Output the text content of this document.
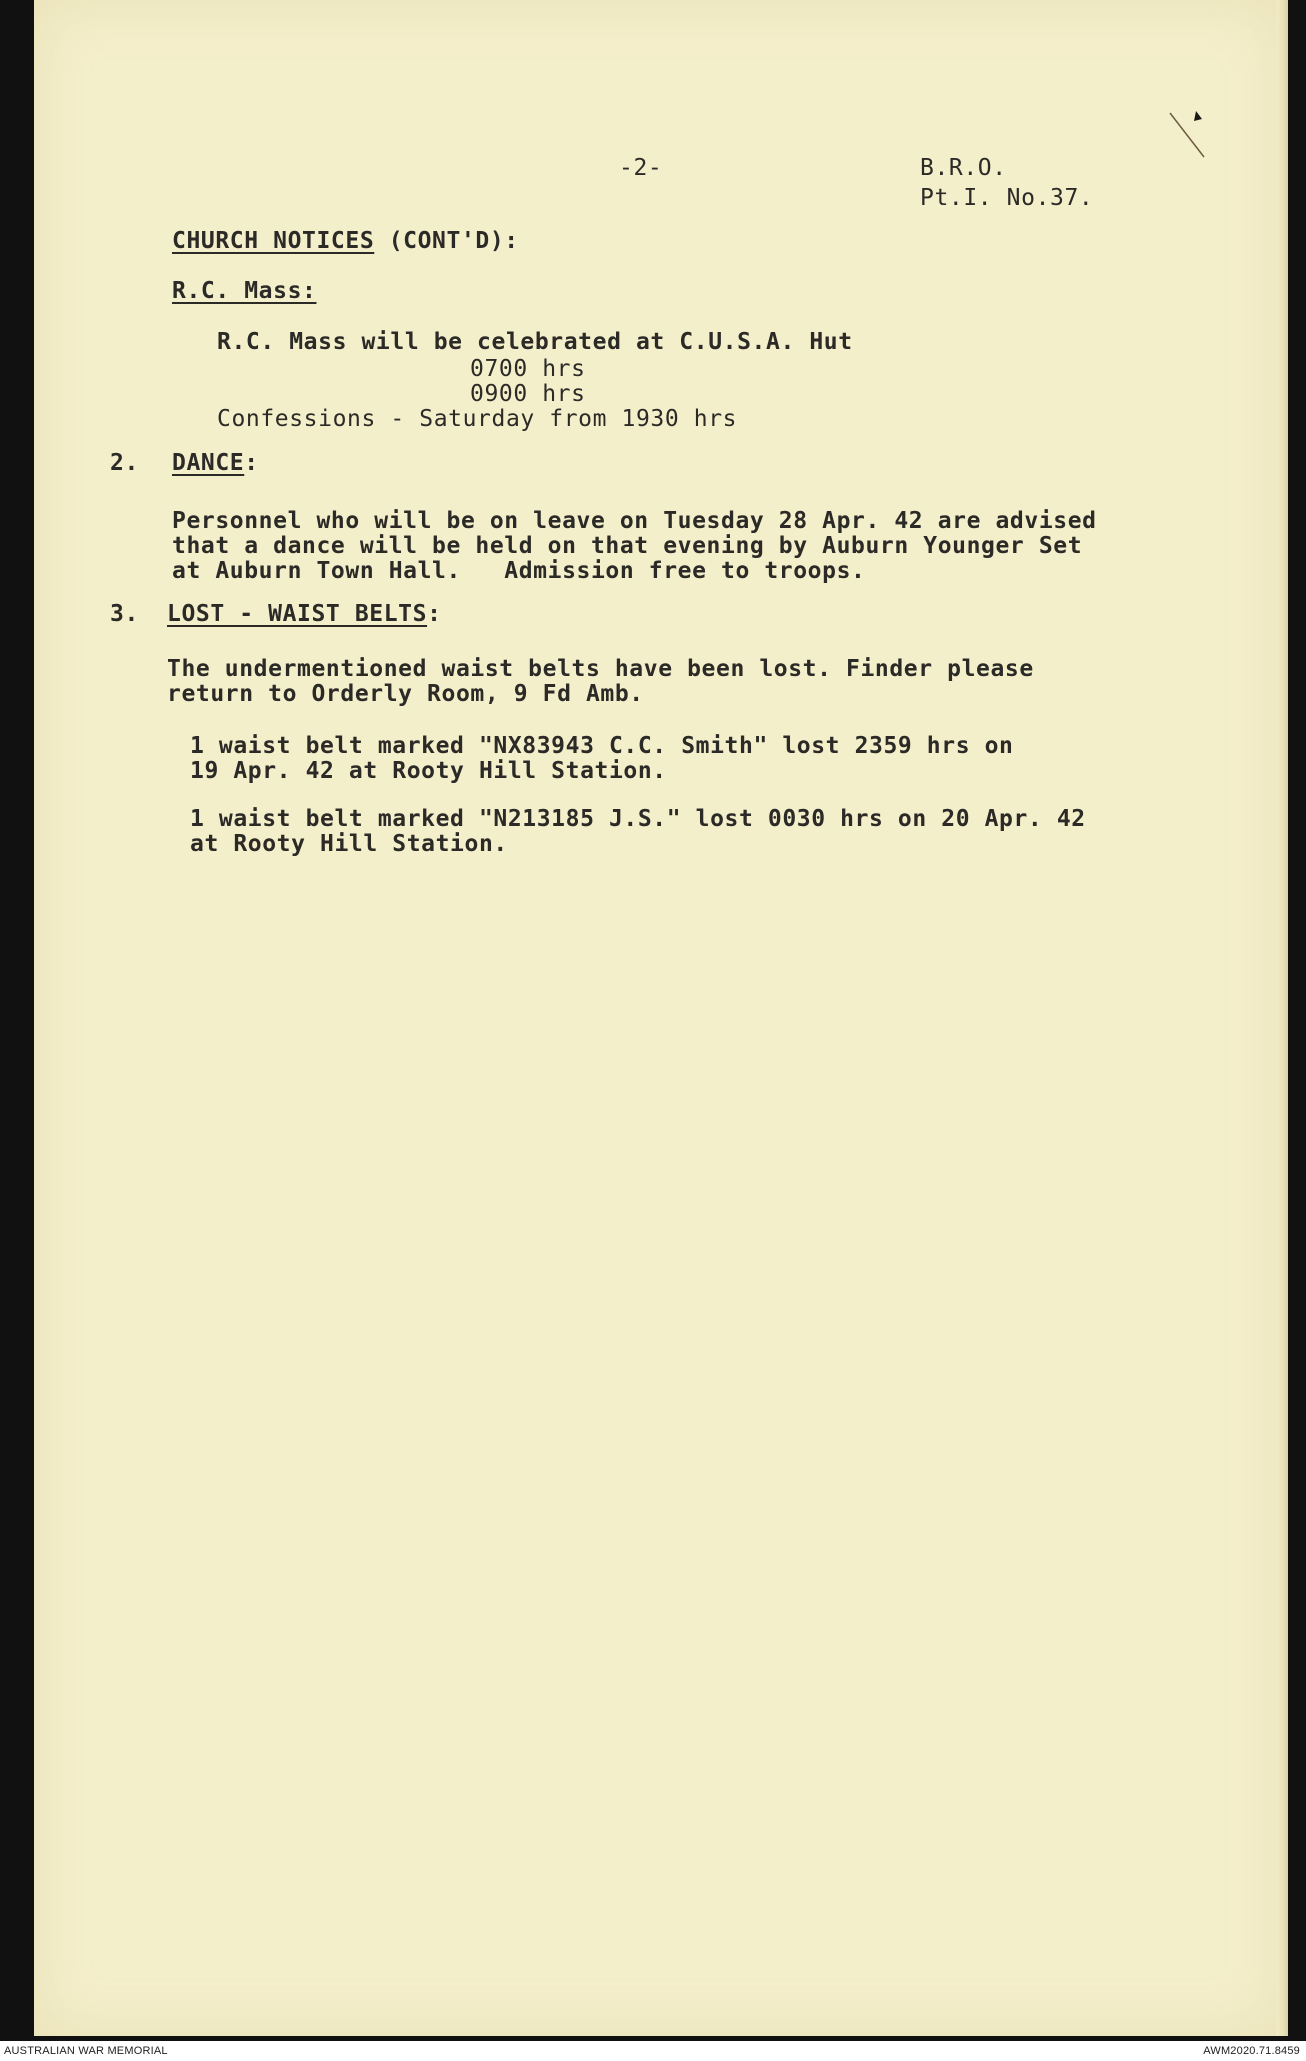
-2-	B.R.O.
Pt.I. No.37.
CHURCH NOTICES (CONT'D):
R.C. Mass:
R.C. Mass will be celebrated at C.U.S.A. Hut
0700 hrs
0900 hrs
Confessions - Saturday from 1930 hrs
2. DANCE:
Personnel who will be on leave on Tuesday 28 Apr. 42 are advised
that a dance will be held on that evening by Auburn Younger Set
at Auburn Town Hall.   Admission free to troops.
3. LOST - WAIST BELTS:
The undermentioned waist belts have been lost. Finder please
return to Orderly Room, 9 Fd Amb.
1 waist belt marked "NX83943 C.C. Smith" lost 2359 hrs on
19 Apr. 42 at Rooty Hill Station.
1 waist belt marked "N213185 J.S." lost 0030 hrs on 20 Apr. 42
at Rooty Hill Station.
AUSTRALIAN WAR MEMORIAL	AWM2020.71.8459
